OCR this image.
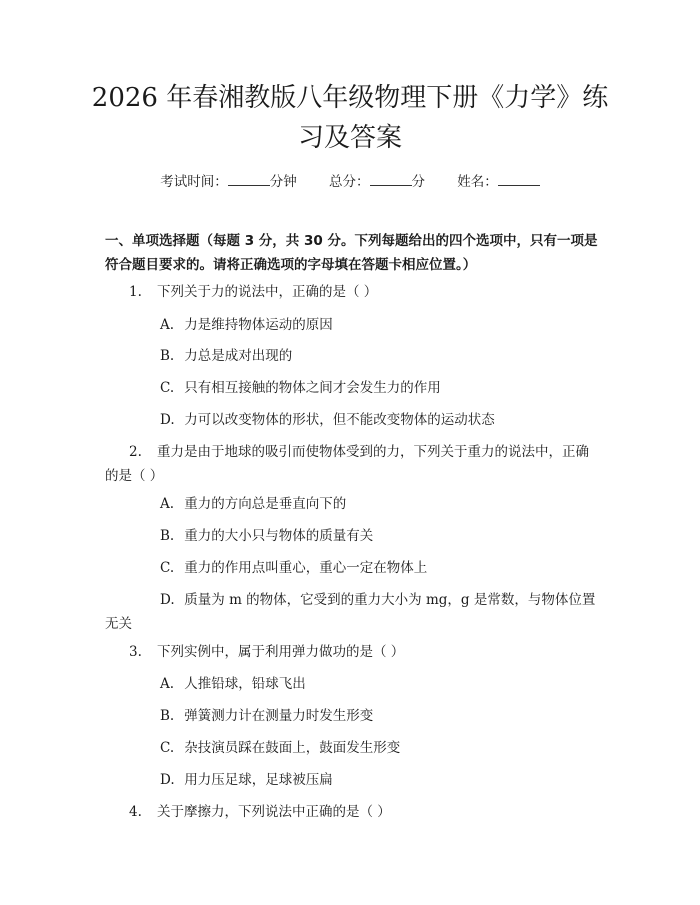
2026 年春湘教版八年级物理下册《力学》练习及答案
考试时间：	分钟 总分：	分 姓名：
一、单项选择题（每题 3 分，共 30 分。下列每题给出的四个选项中，只有一项是符合题目要求的。请将正确选项的字母填在答题卡相应位置。）
1. 下列关于力的说法中，正确的是（ ）
A. 力是维持物体运动的原因
B. 力总是成对出现的
C. 只有相互接触的物体之间才会发生力的作用
D. 力可以改变物体的形状，但不能改变物体的运动状态
2. 重力是由于地球的吸引而使物体受到的力，下列关于重力的说法中，正确的是（ ）
A. 重力的方向总是垂直向下的
B. 重力的大小只与物体的质量有关
C. 重力的作用点叫重心，重心一定在物体上
D. 质量为 m 的物体，它受到的重力大小为 mg，g 是常数，与物体位置无关
3. 下列实例中，属于利用弹力做功的是（ ）
A. 人推铅球，铅球飞出
B. 弹簧测力计在测量力时发生形变
C. 杂技演员踩在鼓面上，鼓面发生形变
D. 用力压足球，足球被压扁
4. 关于摩擦力，下列说法中正确的是（ ）
